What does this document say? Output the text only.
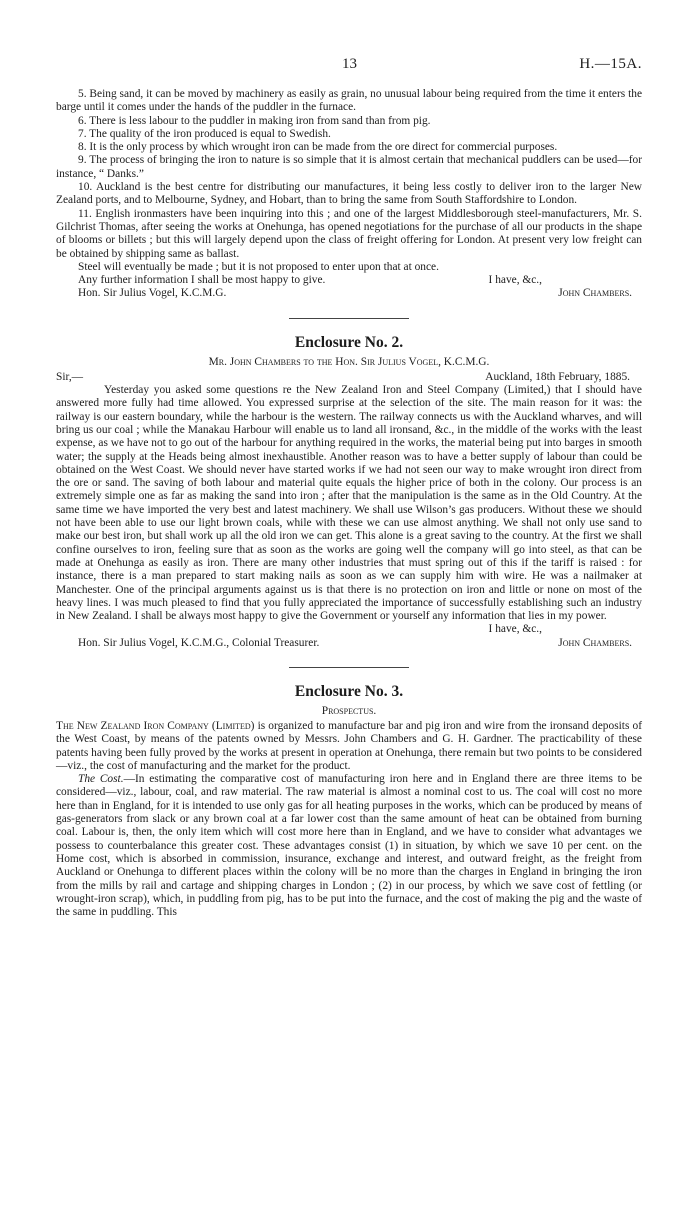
13	H.—15A.

5. Being sand, it can be moved by machinery as easily as grain, no unusual labour being required from the time it enters the barge until it comes under the hands of the puddler in the furnace.

6. There is less labour to the puddler in making iron from sand than from pig.

7. The quality of the iron produced is equal to Swedish.

8. It is the only process by which wrought iron can be made from the ore direct for commercial purposes.

9. The process of bringing the iron to nature is so simple that it is almost certain that mechanical puddlers can be used—for instance, “ Danks.”

10. Auckland is the best centre for distributing our manufactures, it being less costly to deliver iron to the larger New Zealand ports, and to Melbourne, Sydney, and Hobart, than to bring the same from South Staffordshire to London.

11. English ironmasters have been inquiring into this ; and one of the largest Middlesborough steel-manufacturers, Mr. S. Gilchrist Thomas, after seeing the works at Onehunga, has opened negotiations for the purchase of all our products in the shape of blooms or billets ; but this will largely depend upon the class of freight offering for London. At present very low freight can be obtained by shipping same as ballast.

Steel will eventually be made ; but it is not proposed to enter upon that at once.

Any further information I shall be most happy to give.	I have, &c.,
Hon. Sir Julius Vogel, K.C.M.G.	John Chambers.
Enclosure No. 2.

Mr. John Chambers to the Hon. Sir Julius Vogel, K.C.M.G.

Sir,—	Auckland, 18th February, 1885.

Yesterday you asked some questions re the New Zealand Iron and Steel Company (Limited,) that I should have answered more fully had time allowed. You expressed surprise at the selection of the site. The main reason for it was: the railway is our eastern boundary, while the harbour is the western. The railway connects us with the Auckland wharves, and will bring us our coal ; while the Manakau Harbour will enable us to land all ironsand, &c., in the middle of the works with the least expense, as we have not to go out of the harbour for anything required in the works, the material being put into barges in smooth water; the supply at the Heads being almost inexhaustible. Another reason was to have a better supply of labour than could be obtained on the West Coast. We should never have started works if we had not seen our way to make wrought iron direct from the ore or sand. The saving of both labour and material quite equals the higher price of both in the colony. Our process is an extremely simple one as far as making the sand into iron ; after that the manipulation is the same as in the Old Country. At the same time we have imported the very best and latest machinery. We shall use Wilson’s gas producers. Without these we should not have been able to use our light brown coals, while with these we can use almost anything. We shall not only use sand to make our best iron, but shall work up all the old iron we can get. This alone is a great saving to the country. At the first we shall confine ourselves to iron, feeling sure that as soon as the works are going well the company will go into steel, as that can be made at Onehunga as easily as iron. There are many other industries that must spring out of this if the tariff is raised : for instance, there is a man prepared to start making nails as soon as we can supply him with wire. He was a nailmaker at Manchester. One of the principal arguments against us is that there is no protection on iron and little or none on most of the heavy lines. I was much pleased to find that you fully appreciated the importance of successfully establishing such an industry in New Zealand. I shall be always most happy to give the Government or yourself any information that lies in my power.

I have, &c.,
Hon. Sir Julius Vogel, K.C.M.G., Colonial Treasurer.	John Chambers.
Enclosure No. 3.

Prospectus.

The New Zealand Iron Company (Limited) is organized to manufacture bar and pig iron and wire from the ironsand deposits of the West Coast, by means of the patents owned by Messrs. John Chambers and G. H. Gardner. The practicability of these patents having been fully proved by the works at present in operation at Onehunga, there remain but two points to be considered—viz., the cost of manufacturing and the market for the product.

The Cost.—In estimating the comparative cost of manufacturing iron here and in England there are three items to be considered—viz., labour, coal, and raw material. The raw material is almost a nominal cost to us. The coal will cost no more here than in England, for it is intended to use only gas for all heating purposes in the works, which can be produced by means of gas-generators from slack or any brown coal at a far lower cost than the same amount of heat can be obtained from burning coal. Labour is, then, the only item which will cost more here than in England, and we have to consider what advantages we possess to counterbalance this greater cost. These advantages consist (1) in situation, by which we save 10 per cent. on the Home cost, which is absorbed in commission, insurance, exchange and interest, and outward freight, as the freight from Auckland or Onehunga to different places within the colony will be no more than the charges in England in bringing the iron from the mills by rail and cartage and shipping charges in London ; (2) in our process, by which we save cost of fettling (or wrought-iron scrap), which, in puddling from pig, has to be put into the furnace, and the cost of making the pig and the waste of the same in puddling. This
